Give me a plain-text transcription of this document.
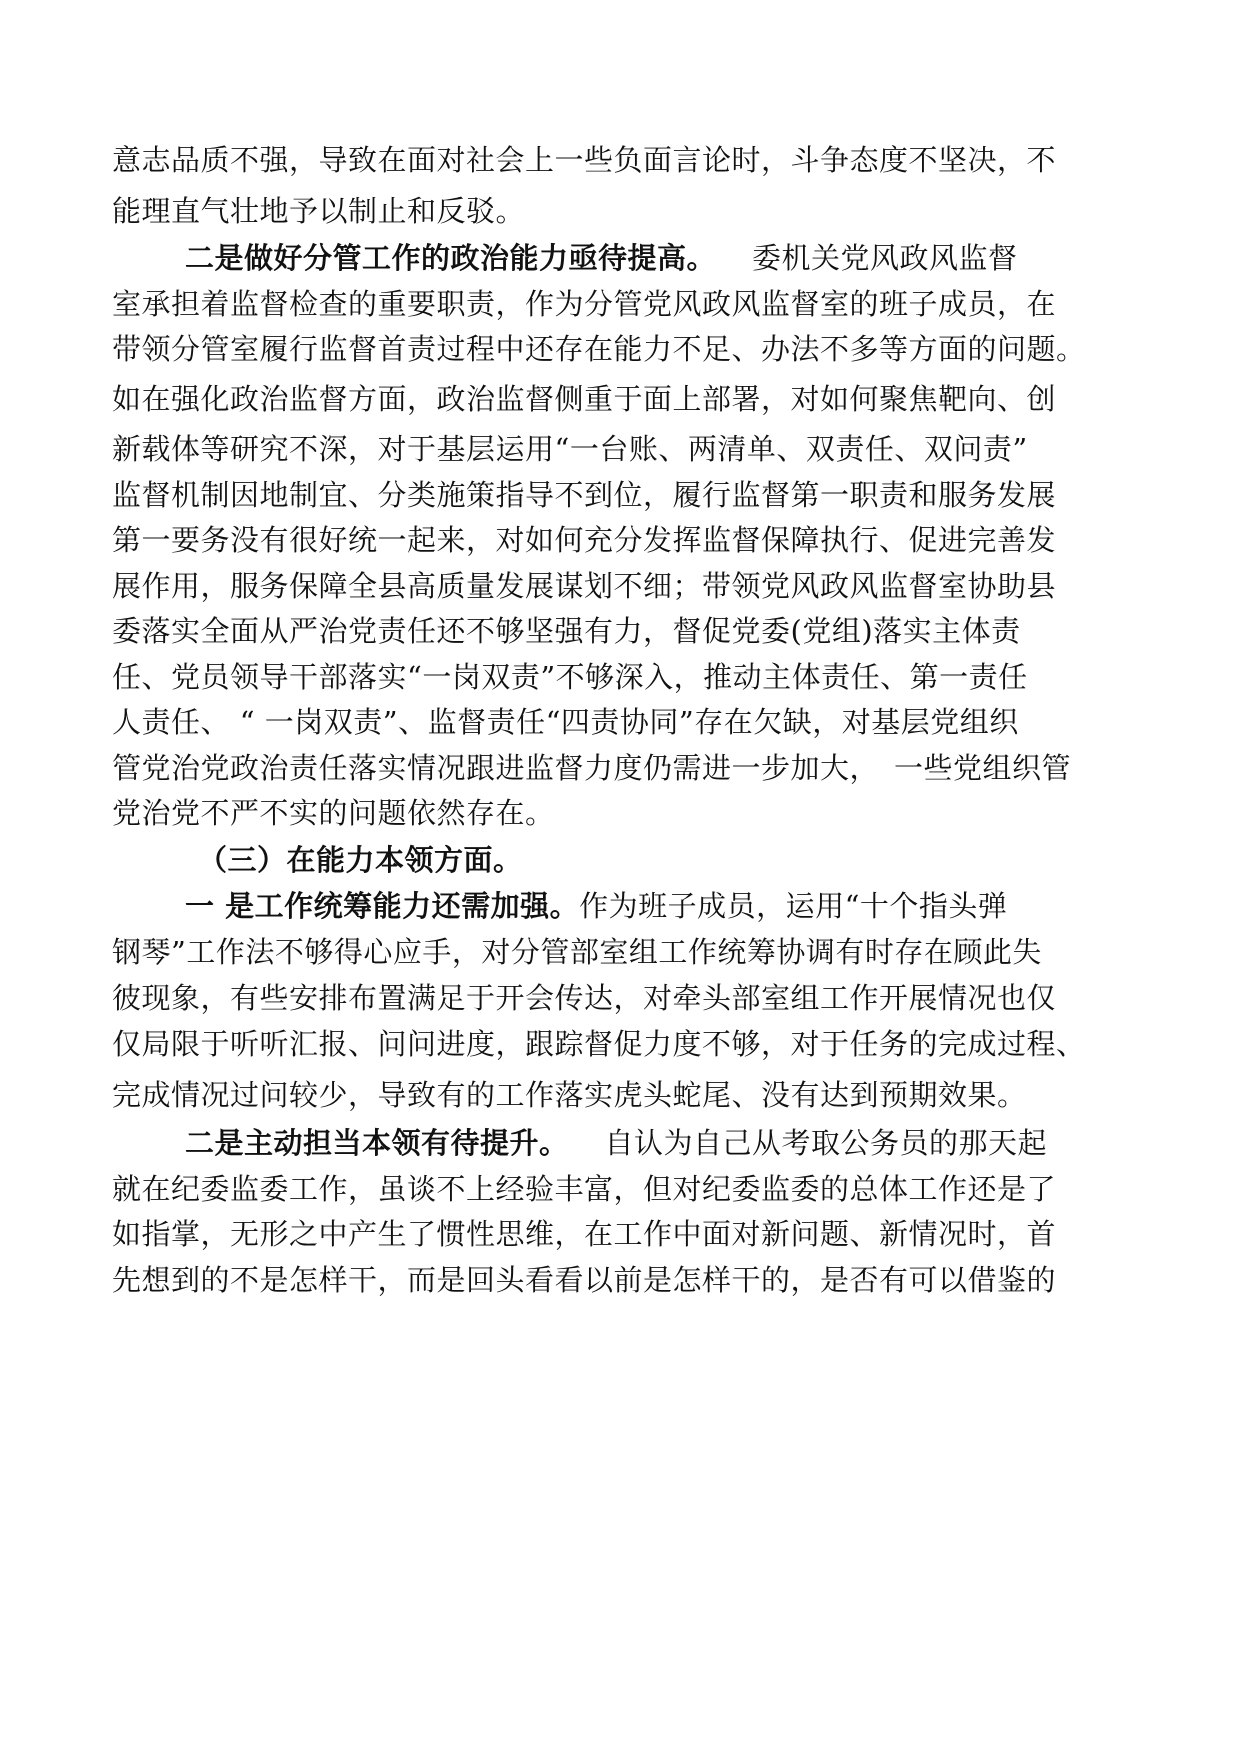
意志品质不强，导致在面对社会上一些负面言论时，斗争态度不坚决，不
能理直气壮地予以制止和反驳。
二是做好分管工作的政治能力亟待提高。 委机关党风政风监督
室承担着监督检查的重要职责，作为分管党风政风监督室的班子成员，在
带领分管室履行监督首责过程中还存在能力不足、办法不多等方面的问题。
如在强化政治监督方面，政治监督侧重于面上部署，对如何聚焦靶向、创
新载体等研究不深，对于基层运用“一台账、两清单、双责任、双问责”
监督机制因地制宜、分类施策指导不到位，履行监督第一职责和服务发展
第一要务没有很好统一起来，对如何充分发挥监督保障执行、促进完善发
展作用，服务保障全县高质量发展谋划不细；带领党风政风监督室协助县
委落实全面从严治党责任还不够坚强有力，督促党委(党组)落实主体责
任、党员领导干部落实“一岗双责”不够深入，推动主体责任、第一责任
人责任、 “ 一岗双责”、监督责任“四责协同”存在欠缺，对基层党组织
管党治党政治责任落实情况跟进监督力度仍需进一步加大，　一些党组织管
党治党不严不实的问题依然存在。
（三）在能力本领方面。
一 是工作统筹能力还需加强。作为班子成员，运用“十个指头弹
钢琴”工作法不够得心应手，对分管部室组工作统筹协调有时存在顾此失
彼现象，有些安排布置满足于开会传达，对牵头部室组工作开展情况也仅
仅局限于听听汇报、问问进度，跟踪督促力度不够，对于任务的完成过程、
完成情况过问较少，导致有的工作落实虎头蛇尾、没有达到预期效果。
二是主动担当本领有待提升。 自认为自己从考取公务员的那天起
就在纪委监委工作，虽谈不上经验丰富，但对纪委监委的总体工作还是了
如指掌，无形之中产生了惯性思维，在工作中面对新问题、新情况时，首
先想到的不是怎样干，而是回头看看以前是怎样干的，是否有可以借鉴的
